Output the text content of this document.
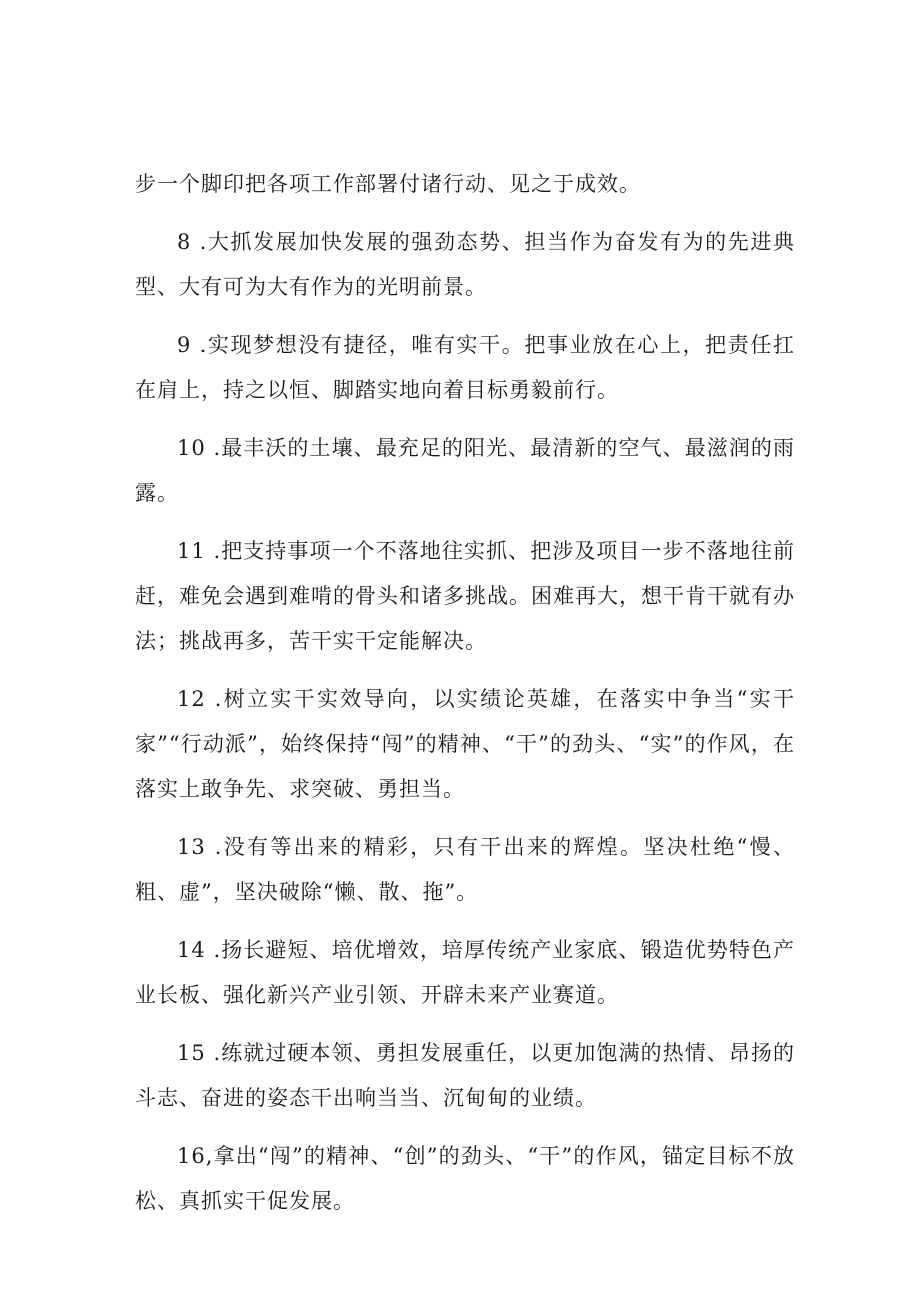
步一个脚印把各项工作部署付诸行动、见之于成效。

8 .大抓发展加快发展的强劲态势、担当作为奋发有为的先进典型、大有可为大有作为的光明前景。

9 .实现梦想没有捷径，唯有实干。把事业放在心上，把责任扛在肩上，持之以恒、脚踏实地向着目标勇毅前行。

10 .最丰沃的土壤、最充足的阳光、最清新的空气、最滋润的雨露。

11 .把支持事项一个不落地往实抓、把涉及项目一步不落地往前赶，难免会遇到难啃的骨头和诸多挑战。困难再大，想干肯干就有办法；挑战再多，苦干实干定能解决。

12 .树立实干实效导向，以实绩论英雄，在落实中争当“实干家”“行动派”，始终保持“闯”的精神、“干”的劲头、“实”的作风，在落实上敢争先、求突破、勇担当。

13 .没有等出来的精彩，只有干出来的辉煌。坚决杜绝“慢、粗、虚”，坚决破除“懒、散、拖”。

14 .扬长避短、培优增效，培厚传统产业家底、锻造优势特色产业长板、强化新兴产业引领、开辟未来产业赛道。

15 .练就过硬本领、勇担发展重任，以更加饱满的热情、昂扬的斗志、奋进的姿态干出响当当、沉甸甸的业绩。

16,拿出“闯”的精神、“创”的劲头、“干”的作风，锚定目标不放松、真抓实干促发展。
